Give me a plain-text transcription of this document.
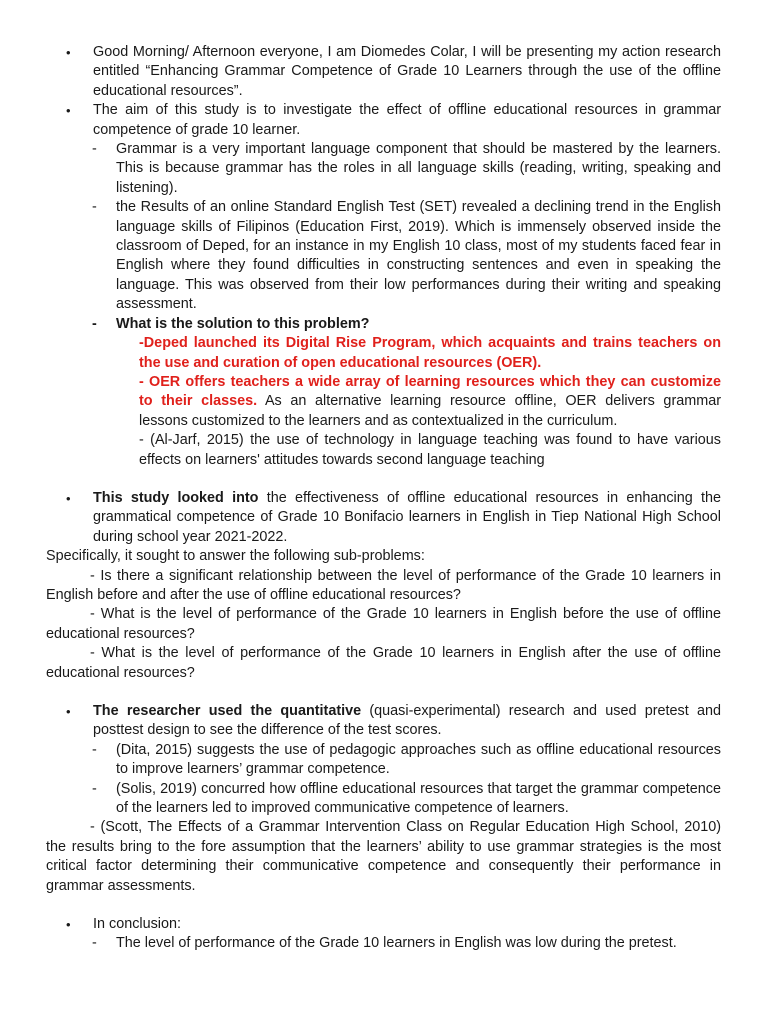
• Good Morning/ Afternoon everyone, I am Diomedes Colar, I will be presenting my action research entitled “Enhancing Grammar Competence of Grade 10 Learners through the use of the offline educational resources”.

• The aim of this study is to investigate the effect of offline educational resources in grammar competence of grade 10 learner.

- Grammar is a very important language component that should be mastered by the learners. This is because grammar has the roles in all language skills (reading, writing, speaking and listening).

- the Results of an online Standard English Test (SET) revealed a declining trend in the English language skills of Filipinos (Education First, 2019). Which is immensely observed inside the classroom of Deped, for an instance in my English 10 class, most of my students faced fear in English where they found difficulties in constructing sentences and even in speaking the language. This was observed from their low performances during their writing and speaking assessment.

- What is the solution to this problem?

-Deped launched its Digital Rise Program, which acquaints and trains teachers on the use and curation of open educational resources (OER).

- OER offers teachers a wide array of learning resources which they can customize to their classes. As an alternative learning resource offline, OER delivers grammar lessons customized to the learners and as contextualized in the curriculum.

- (Al-Jarf, 2015) the use of technology in language teaching was found to have various effects on learners' attitudes towards second language teaching

• This study looked into the effectiveness of offline educational resources in enhancing the grammatical competence of Grade 10 Bonifacio learners in English in Tiep National High School during school year 2021-2022.

Specifically, it sought to answer the following sub-problems:

- Is there a significant relationship between the level of performance of the Grade 10 learners in English before and after the use of offline educational resources?

- What is the level of performance of the Grade 10 learners in English before the use of offline educational resources?

- What is the level of performance of the Grade 10 learners in English after the use of offline educational resources?

• The researcher used the quantitative (quasi-experimental) research and used pretest and posttest design to see the difference of the test scores.

- (Dita, 2015) suggests the use of pedagogic approaches such as offline educational resources to improve learners’ grammar competence.

- (Solis, 2019) concurred how offline educational resources that target the grammar competence of the learners led to improved communicative competence of learners.

- (Scott, The Effects of a Grammar Intervention Class on Regular Education High School, 2010) the results bring to the fore assumption that the learners’ ability to use grammar strategies is the most critical factor determining their communicative competence and consequently their performance in grammar assessments.

• In conclusion:

- The level of performance of the Grade 10 learners in English was low during the pretest.
